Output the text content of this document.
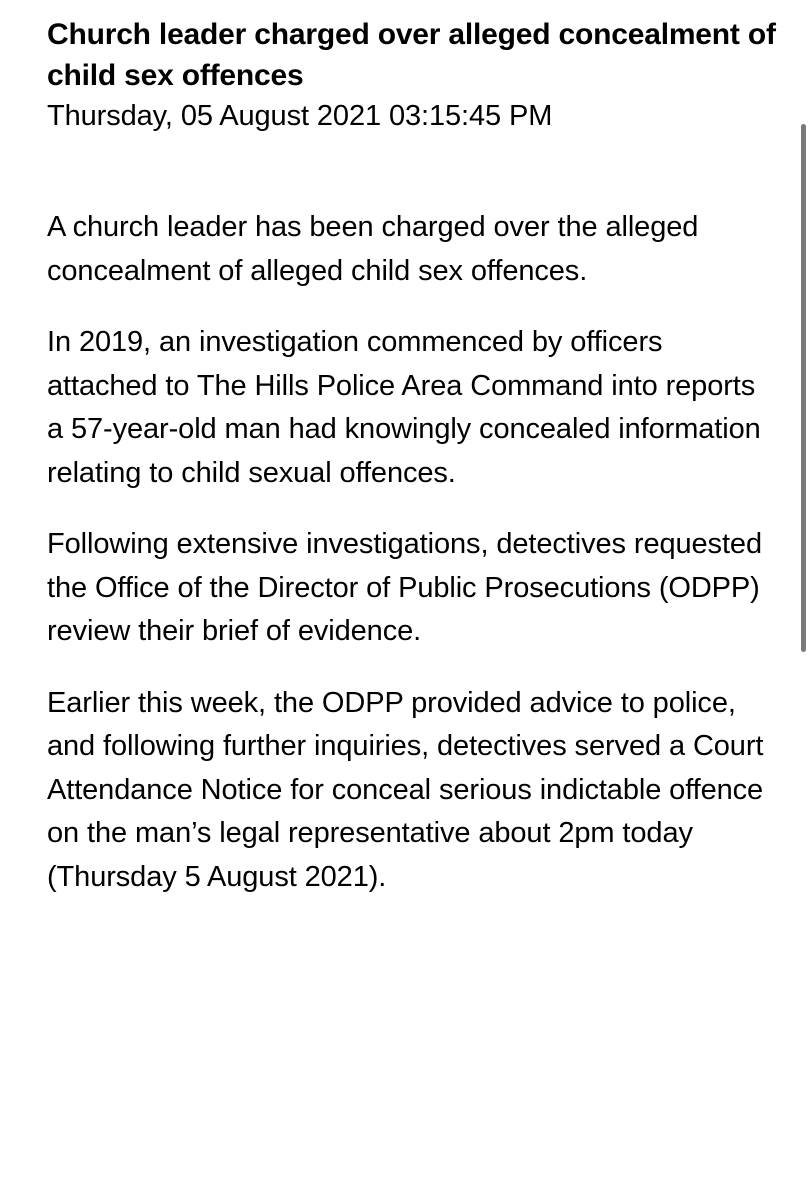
Church leader charged over alleged concealment of child sex offences
Thursday, 05 August 2021 03:15:45 PM

A church leader has been charged over the alleged concealment of alleged child sex offences.

In 2019, an investigation commenced by officers attached to The Hills Police Area Command into reports a 57-year-old man had knowingly concealed information relating to child sexual offences.

Following extensive investigations, detectives requested the Office of the Director of Public Prosecutions (ODPP) review their brief of evidence.

Earlier this week, the ODPP provided advice to police, and following further inquiries, detectives served a Court Attendance Notice for conceal serious indictable offence on the man’s legal representative about 2pm today (Thursday 5 August 2021).
